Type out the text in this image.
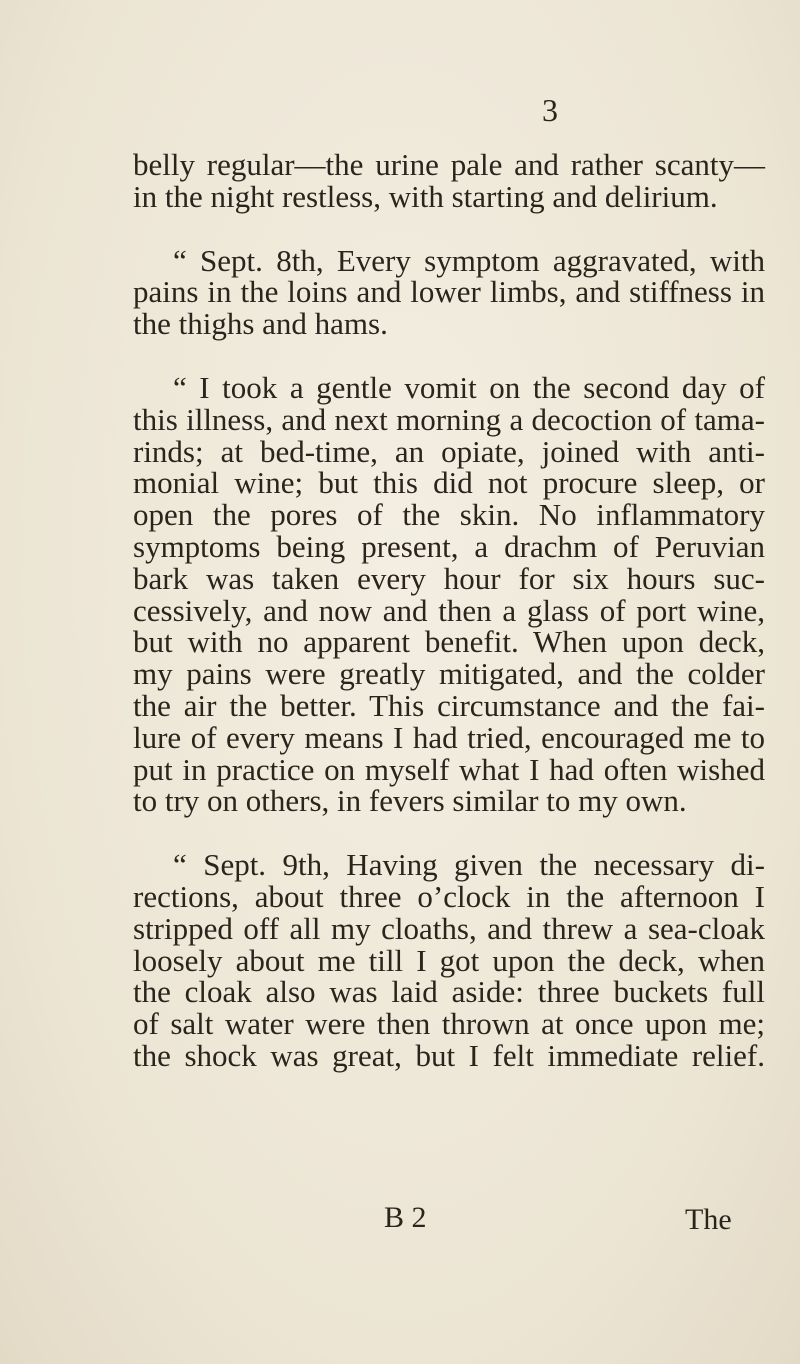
3
belly regular—the urine pale and rather scanty—
in the night restless, with starting and delirium.
“ Sept. 8th, Every symptom aggravated, with
pains in the loins and lower limbs, and stiffness in
the thighs and hams.
“ I took a gentle vomit on the second day of
this illness, and next morning a decoction of tama-
rinds; at bed-time, an opiate, joined with anti-
monial wine; but this did not procure sleep, or
open the pores of the skin. No inflammatory
symptoms being present, a drachm of Peruvian
bark was taken every hour for six hours suc-
cessively, and now and then a glass of port wine,
but with no apparent benefit. When upon deck,
my pains were greatly mitigated, and the colder
the air the better. This circumstance and the fai-
lure of every means I had tried, encouraged me to
put in practice on myself what I had often wished
to try on others, in fevers similar to my own.
“ Sept. 9th, Having given the necessary di-
rections, about three o’clock in the afternoon I
stripped off all my cloaths, and threw a sea-cloak
loosely about me till I got upon the deck, when
the cloak also was laid aside: three buckets full
of salt water were then thrown at once upon me;
the shock was great, but I felt immediate relief.
B 2	The
